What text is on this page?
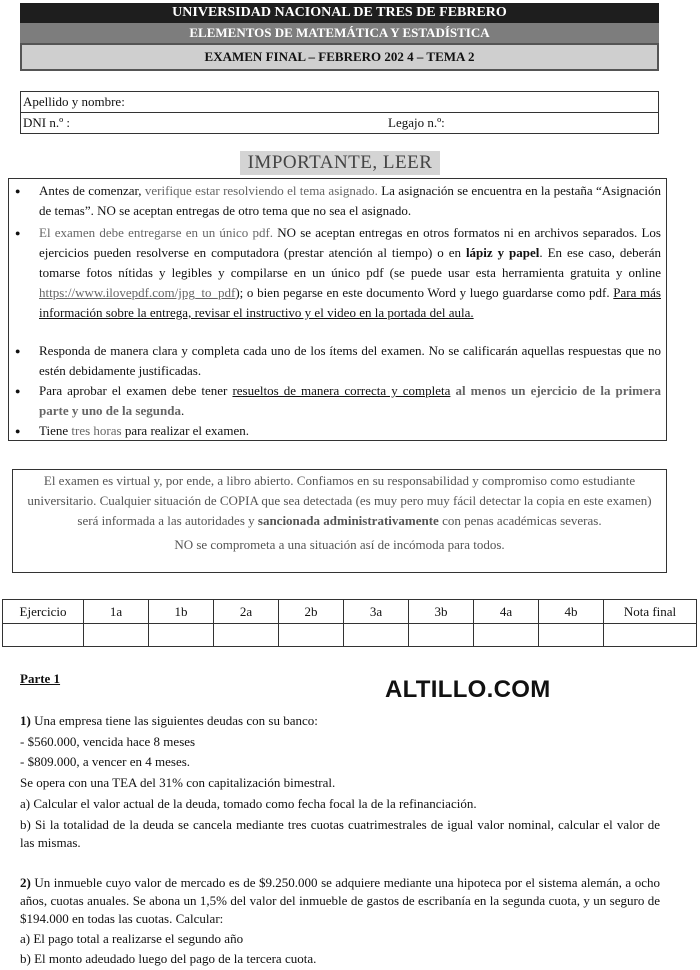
UNIVERSIDAD NACIONAL DE TRES DE FEBRERO
ELEMENTOS DE MATEMÁTICA Y ESTADÍSTICA
EXAMEN FINAL – FEBRERO 202 4 – TEMA 2
Apellido y nombre:
DNI n.º :	Legajo n.º:
IMPORTANTE, LEER
● Antes de comenzar, verifique estar resolviendo el tema asignado. La asignación se encuentra en la pestaña “Asignación de temas”. NO se aceptan entregas de otro tema que no sea el asignado.
● El examen debe entregarse en un único pdf. NO se aceptan entregas en otros formatos ni en archivos separados. Los ejercicios pueden resolverse en computadora (prestar atención al tiempo) o en lápiz y papel. En ese caso, deberán tomarse fotos nítidas y legibles y compilarse en un único pdf (se puede usar esta herramienta gratuita y online https://www.ilovepdf.com/jpg_to_pdf); o bien pegarse en este documento Word y luego guardarse como pdf. Para más información sobre la entrega, revisar el instructivo y el video en la portada del aula.
● Responda de manera clara y completa cada uno de los ítems del examen. No se calificarán aquellas respuestas que no estén debidamente justificadas.
● Para aprobar el examen debe tener resueltos de manera correcta y completa al menos un ejercicio de la primera parte y uno de la segunda.
● Tiene tres horas para realizar el examen.

El examen es virtual y, por ende, a libro abierto. Confiamos en su responsabilidad y compromiso como estudiante universitario. Cualquier situación de COPIA que sea detectada (es muy pero muy fácil detectar la copia en este examen) será informada a las autoridades y sancionada administrativamente con penas académicas severas.

NO se comprometa a una situación así de incómoda para todos.

Ejercicio	1a	1b	2a	2b	3a	3b	4a	4b	Nota final

Parte 1	ALTILLO.COM
1) Una empresa tiene las siguientes deudas con su banco:
- $560.000, vencida hace 8 meses
- $809.000, a vencer en 4 meses.
Se opera con una TEA del 31% con capitalización bimestral.
a) Calcular el valor actual de la deuda, tomado como fecha focal la de la refinanciación.
b) Si la totalidad de la deuda se cancela mediante tres cuotas cuatrimestrales de igual valor nominal, calcular el valor de las mismas.
2) Un inmueble cuyo valor de mercado es de $9.250.000 se adquiere mediante una hipoteca por el sistema alemán, a ocho años, cuotas anuales. Se abona un 1,5% del valor del inmueble de gastos de escribanía en la segunda cuota, y un seguro de $194.000 en todas las cuotas. Calcular:
a) El pago total a realizarse el segundo año
b) El monto adeudado luego del pago de la tercera cuota.
